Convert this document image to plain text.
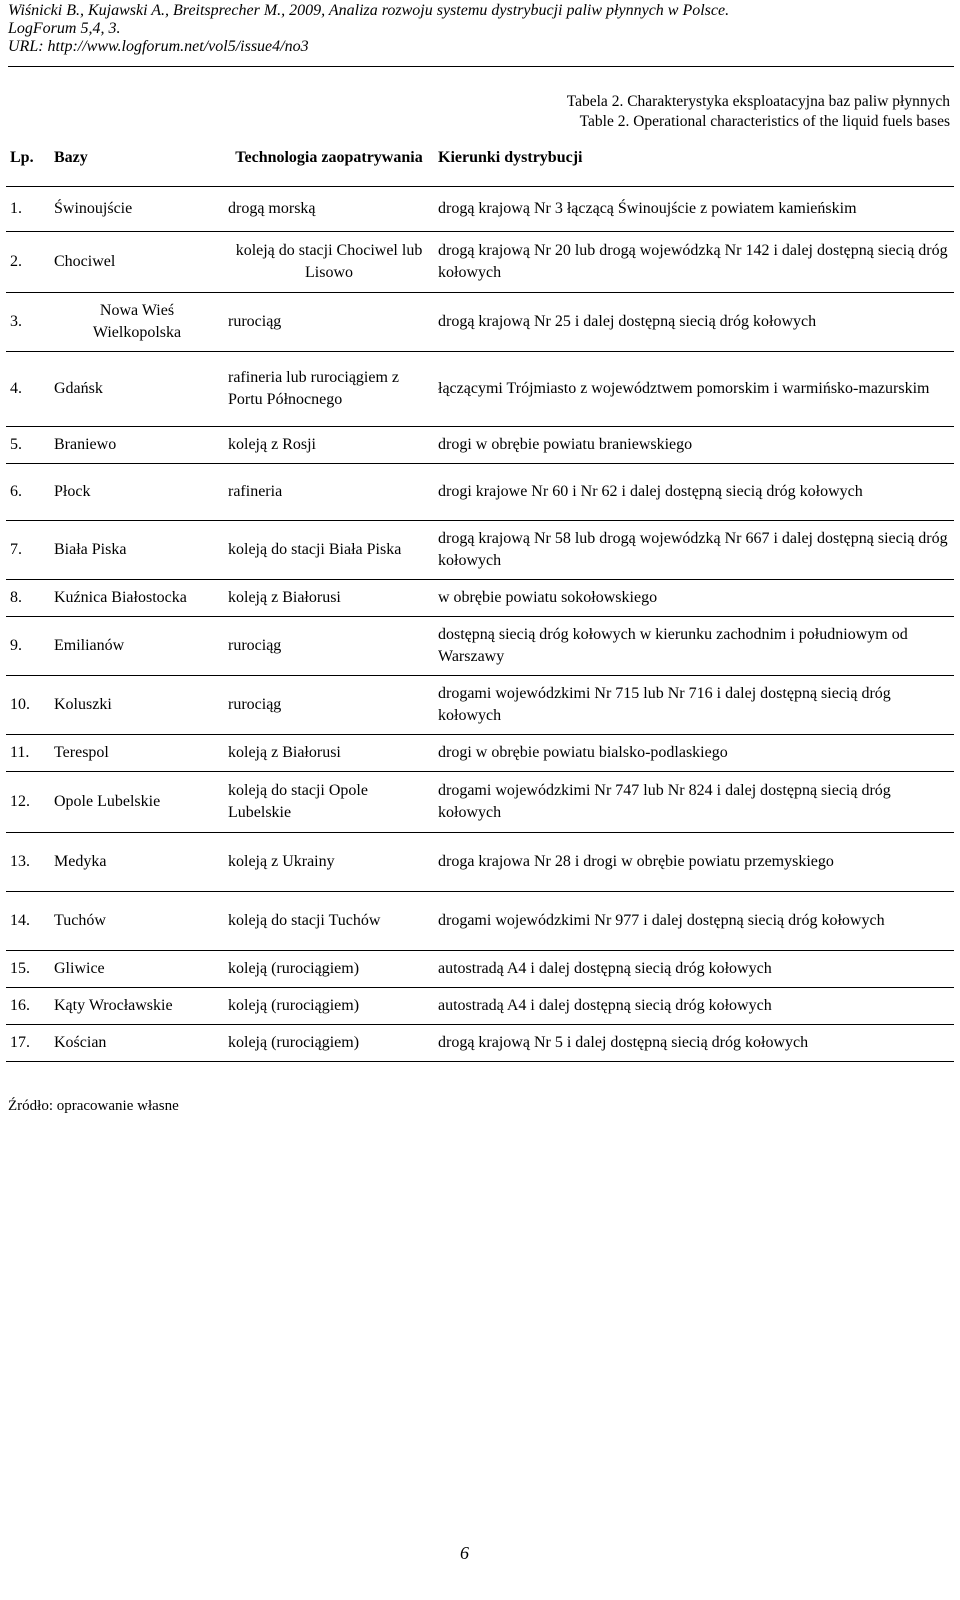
Wiśnicki B., Kujawski A., Breitsprecher M., 2009, Analiza rozwoju systemu dystrybucji paliw płynnych w Polsce.
LogForum 5,4, 3.
URL: http://www.logforum.net/vol5/issue4/no3
Tabela 2. Charakterystyka eksploatacyjna baz paliw płynnych
Table 2. Operational characteristics of the liquid fuels bases
Lp.	Bazy	Technologia zaopatrywania	Kierunki dystrybucji
1.	Świnoujście	drogą morską	drogą krajową Nr 3 łączącą Świnoujście z powiatem kamieńskim
2.	Chociwel	koleją do stacji Chociwel lub Lisowo	drogą krajową Nr 20 lub drogą wojewódzką Nr 142 i dalej dostępną siecią dróg kołowych
3.	Nowa Wieś Wielkopolska	rurociąg	drogą krajową Nr 25 i dalej dostępną siecią dróg kołowych
4.	Gdańsk	rafineria lub rurociągiem z Portu Północnego	łączącymi Trójmiasto z województwem pomorskim i warmińsko-mazurskim
5.	Braniewo	koleją z Rosji	drogi w obrębie powiatu braniewskiego
6.	Płock	rafineria	drogi krajowe Nr 60 i Nr 62 i dalej dostępną siecią dróg kołowych
7.	Biała Piska	koleją do stacji Biała Piska	drogą krajową Nr 58 lub drogą wojewódzką Nr 667 i dalej dostępną siecią dróg kołowych
8.	Kuźnica Białostocka	koleją z Białorusi	w obrębie powiatu sokołowskiego
9.	Emilianów	rurociąg	dostępną siecią dróg kołowych w kierunku zachodnim i południowym od Warszawy
10.	Koluszki	rurociąg	drogami wojewódzkimi Nr 715 lub Nr 716 i dalej dostępną siecią dróg kołowych
11.	Terespol	koleją z Białorusi	drogi w obrębie powiatu bialsko-podlaskiego
12.	Opole Lubelskie	koleją do stacji Opole Lubelskie	drogami wojewódzkimi Nr 747 lub Nr 824 i dalej dostępną siecią dróg kołowych
13.	Medyka	koleją z Ukrainy	droga krajowa Nr 28 i drogi w obrębie powiatu przemyskiego
14.	Tuchów	koleją do stacji Tuchów	drogami wojewódzkimi Nr 977 i dalej dostępną siecią dróg kołowych
15.	Gliwice	koleją (rurociągiem)	autostradą A4 i dalej dostępną siecią dróg kołowych
16.	Kąty Wrocławskie	koleją (rurociągiem)	autostradą A4 i dalej dostępną siecią dróg kołowych
17.	Kościan	koleją (rurociągiem)	drogą krajową Nr 5 i dalej dostępną siecią dróg kołowych
Źródło: opracowanie własne
6
